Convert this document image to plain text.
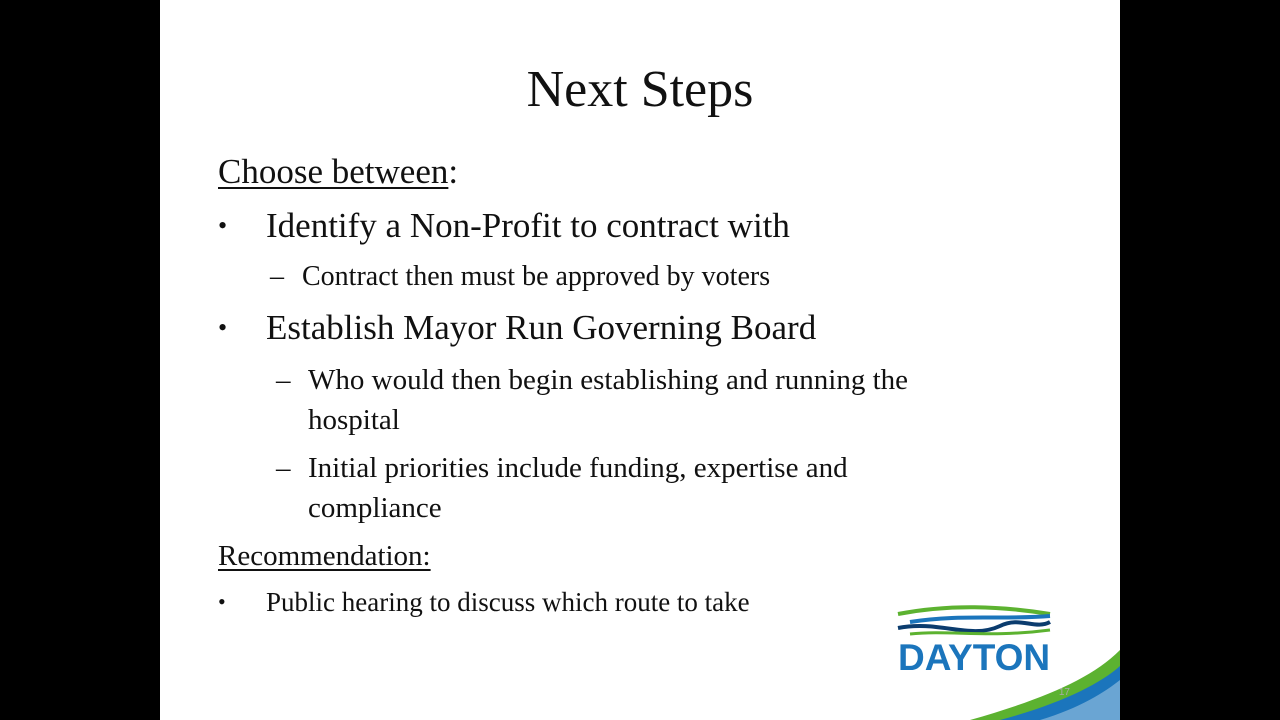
Next Steps
Choose between:
• Identify a Non-Profit to contract with
– Contract then must be approved by voters
• Establish Mayor Run Governing Board
– Who would then begin establishing and running the
hospital
– Initial priorities include funding, expertise and
compliance
Recommendation:
• Public hearing to discuss which route to take
DAYTON
17
